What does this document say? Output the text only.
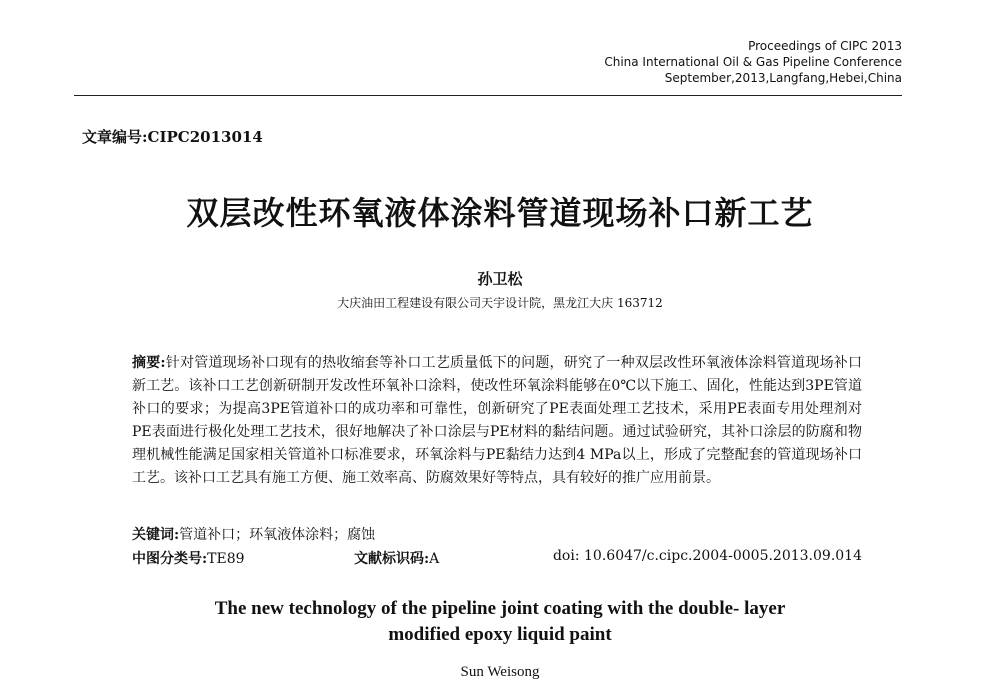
Proceedings of CIPC 2013
China International Oil & Gas Pipeline Conference
September,2013,Langfang,Hebei,China
文章编号:CIPC2013014
双层改性环氧液体涂料管道现场补口新工艺
孙卫松
大庆油田工程建设有限公司天宇设计院，黑龙江大庆 163712
摘要:针对管道现场补口现有的热收缩套等补口工艺质量低下的问题，研究了一种双层改性环氧液体涂料管道现场补口新工艺。该补口工艺创新研制开发改性环氧补口涂料，使改性环氧涂料能够在0℃以下施工、固化，性能达到3PE管道补口的要求；为提高3PE管道补口的成功率和可靠性，创新研究了PE表面处理工艺技术，采用PE表面专用处理剂对PE表面进行极化处理工艺技术，很好地解决了补口涂层与PE材料的黏结问题。通过试验研究，其补口涂层的防腐和物理机械性能满足国家相关管道补口标准要求，环氧涂料与PE黏结力达到4 MPa以上，形成了完整配套的管道现场补口工艺。该补口工艺具有施工方便、施工效率高、防腐效果好等特点，具有较好的推广应用前景。
关键词:管道补口；环氧液体涂料；腐蚀
中图分类号:TE89	文献标识码:A	doi: 10.6047/c.cipc.2004-0005.2013.09.014
The new technology of the pipeline joint coating with the double- layer
modified epoxy liquid paint
Sun Weisong
